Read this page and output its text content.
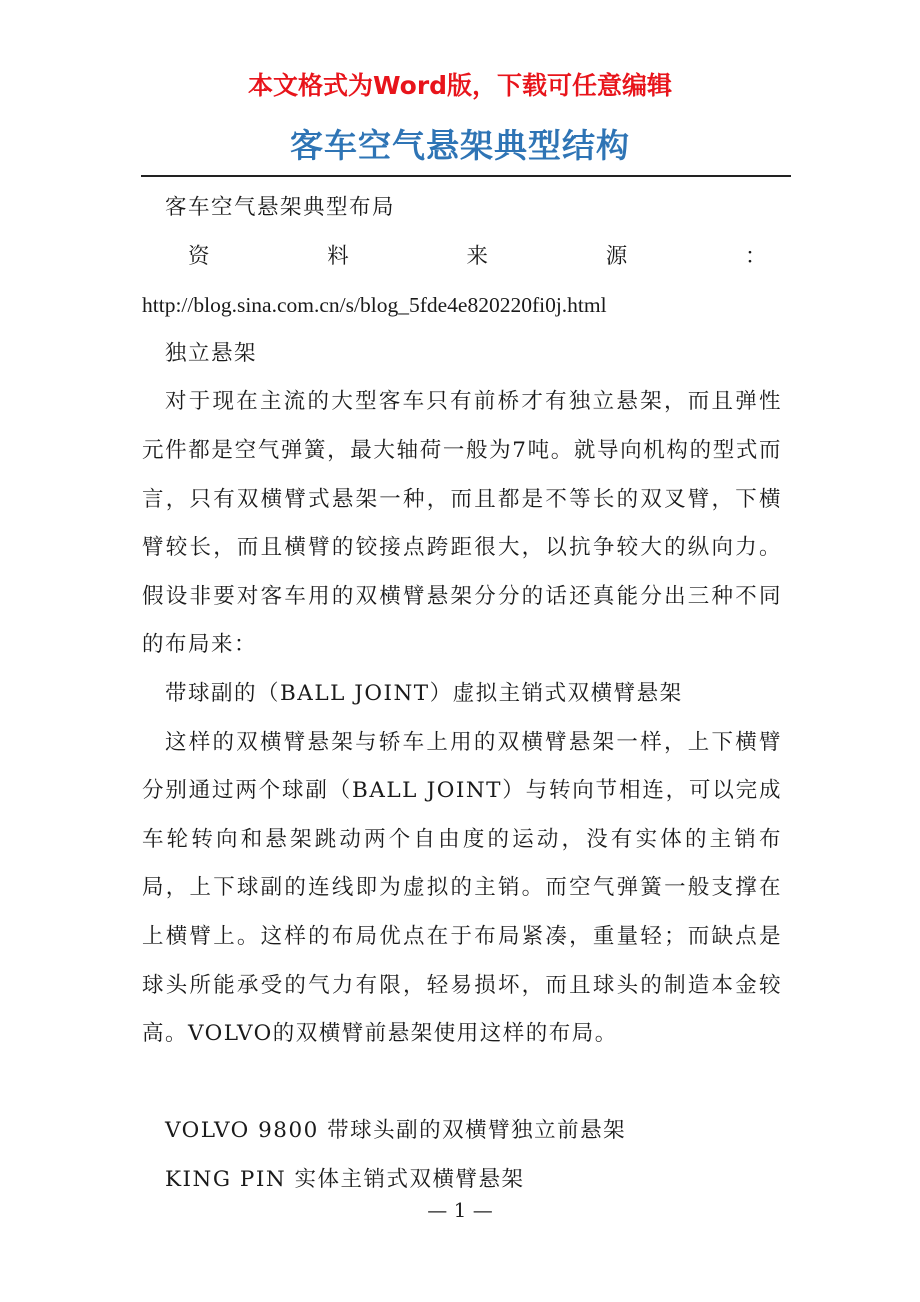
本文格式为Word版，下载可任意编辑
客车空气悬架典型结构

客车空气悬架典型布局

资	料	来	源	：

http://blog.sina.com.cn/s/blog_5fde4e820220fi0j.html

独立悬架

对于现在主流的大型客车只有前桥才有独立悬架，而且弹性元件都是空气弹簧，最大轴荷一般为7吨。就导向机构的型式而言，只有双横臂式悬架一种，而且都是不等长的双叉臂，下横臂较长，而且横臂的铰接点跨距很大，以抗争较大的纵向力。假设非要对客车用的双横臂悬架分分的话还真能分出三种不同的布局来：

带球副的（BALL JOINT）虚拟主销式双横臂悬架

这样的双横臂悬架与轿车上用的双横臂悬架一样，上下横臂分别通过两个球副（BALL JOINT）与转向节相连，可以完成车轮转向和悬架跳动两个自由度的运动，没有实体的主销布局，上下球副的连线即为虚拟的主销。而空气弹簧一般支撑在上横臂上。这样的布局优点在于布局紧凑，重量轻；而缺点是球头所能承受的气力有限，轻易损坏，而且球头的制造本金较高。VOLVO的双横臂前悬架使用这样的布局。

VOLVO 9800 带球头副的双横臂独立前悬架

KING PIN 实体主销式双横臂悬架

— 1 —
